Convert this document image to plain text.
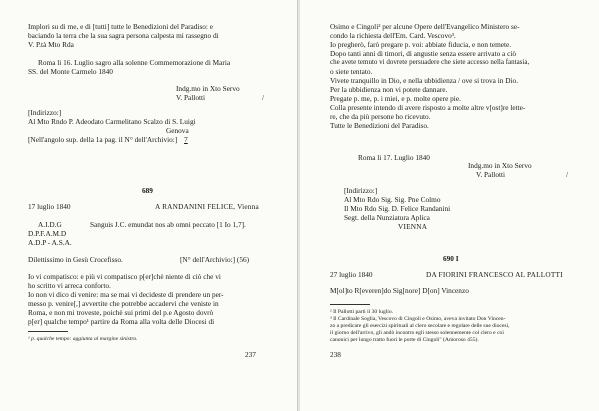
Implori su di me, e di [tutti] tutte le Benedizioni del Paradiso: e
baciando la terra che la sua sagra persona calpesta mi rassegno di
V. P.tà Mto Rda
Roma li 16. Luglio sagro alla solenne Commemorazione di Maria
SS. del Monte Carmelo 1840
Indg.mo in Xto Servo
V. Pallotti	/
[Indirizzo:]
Al Mto Rndo P. Adeodato Carmelitano Scalzo di S. Luigi
Genova
[Nell'angolo sup. della 1a pag. il N° dell'Archivio:] 7
689
17 luglio 1840	A RANDANINI FELICE, Vienna
A.I.D.G	Sanguis J.C. emundat nos ab omni peccato [1 Io 1,7].
D.P.F.A.M.D
A.D.P - A.S.A.
Dilettissimo in Gesù Crocefisso.	[N° dell'Archivio:] (56)
Io vi compatisco: e più vi compatisco p[er]chè niente di ciò che vi
ho scritto vi arreca conforto.
Io non vi dico di venire: ma se mai vi decideste di prendere un per-
messo p. venire[,] avvertite che potrebbe accadervi che veniste in
Roma, e non mi troveste, poichè sui primi del p.e Agosto dovrò
p[er] qualche tempo¹ partire da Roma alla volta delle Diocesi di
¹ p. qualche tempo: aggiunta al margine sinistro.
237
Osimo e Cingoli² per alcune Opere dell'Evangelico Ministero se-
condo la richiesta dell'Em. Card. Vescovo³.
Io pregherò, farò pregare p. voi: abbiate fiducia, e non temete.
Dopo tanti anni di timori, di angustie senza essere arrivato a ciò
che avete temuto vi dovrete persuadere che siete accesso nella fantasia,
o siete tentato.
Vivete tranquillo in Dio, e nella ubbidienza / ove si trova in Dio.
Per la ubbidienza non vi potete dannare.
Pregate p. me, p. i miei, e p. molte opere pie.
Colla presente intendo di avere risposto a molte altre v[ost]re lette-
re, che da più persone ho ricevuto.
Tutte le Benedizioni del Paradiso.
Roma li 17. Luglio 1840
Indg.mo in Xto Servo
V. Pallotti	/
[Indirizzo:]
Al Mto Rdo Sig. Sig. Pne Colmo
Il Mto Rdo Sig. D. Felice Randanini
Segt. della Nunziatura Aplica
VIENNA
690 I
27 luglio 1840	DA FIORINI FRANCESCO AL PALLOTTI
M[ol]to R[everen]do Sig[nore] D[on] Vincenzo
² Il Pallotti partì il 30 luglio.
³ Il Cardinale Soglia, Vescovo di Cingoli e Osimo, aveva invitato Don Vincen-
zo a predicare gli esercizi spirituali al clero secolare e regolare delle sue diocesi,
il giorno dell'arrivo, gli andò incontro egli stesso solennemente col clero e coi
canonici per lungo tratto fuori le porte di Cingoli" (Amoroso 455).
238
